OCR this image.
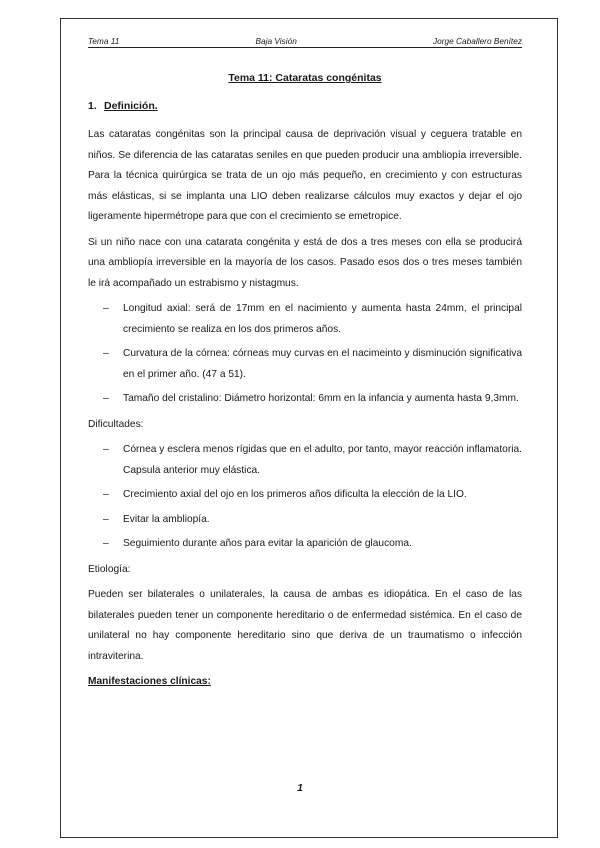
Tema 11	Baja Visión	Jorge Caballero Benítez
Tema 11: Cataratas congénitas
1. Definición.

Las cataratas congénitas son la principal causa de deprivación visual y ceguera tratable en niños. Se diferencia de las cataratas seniles en que pueden producir una ambliopía irreversible. Para la técnica quirúrgica se trata de un ojo más pequeño, en crecimiento y con estructuras más elásticas, si se implanta una LIO deben realizarse cálculos muy exactos y dejar el ojo ligeramente hipermétrope para que con el crecimiento se emetropice.

Si un niño nace con una catarata congénita y está de dos a tres meses con ella se producirá una ambliopía irreversible en la mayoría de los casos. Pasado esos dos o tres meses también le irá acompañado un estrabismo y nistagmus.

– Longitud axial: será de 17mm en el nacimiento y aumenta hasta 24mm, el principal crecimiento se realiza en los dos primeros años.
– Curvatura de la córnea: córneas muy curvas en el nacimeinto y disminución significativa en el primer año. (47 a 51).
– Tamaño del cristalino: Diámetro horizontal: 6mm en la infancia y aumenta hasta 9,3mm.

Dificultades:

– Córnea y esclera menos rígidas que en el adulto, por tanto, mayor reacción inflamatoria. Capsula anterior muy elástica.
– Crecimiento axial del ojo en los primeros años dificulta la elección de la LIO.
– Evitar la ambliopía.
– Seguimiento durante años para evitar la aparición de glaucoma.

Etiología:

Pueden ser bilaterales o unilaterales, la causa de ambas es idiopática. En el caso de las bilaterales pueden tener un componente hereditario o de enfermedad sistémica. En el caso de unilateral no hay componente hereditario sino que deriva de un traumatismo o infección intraviterina.

Manifestaciones clínicas:

1
